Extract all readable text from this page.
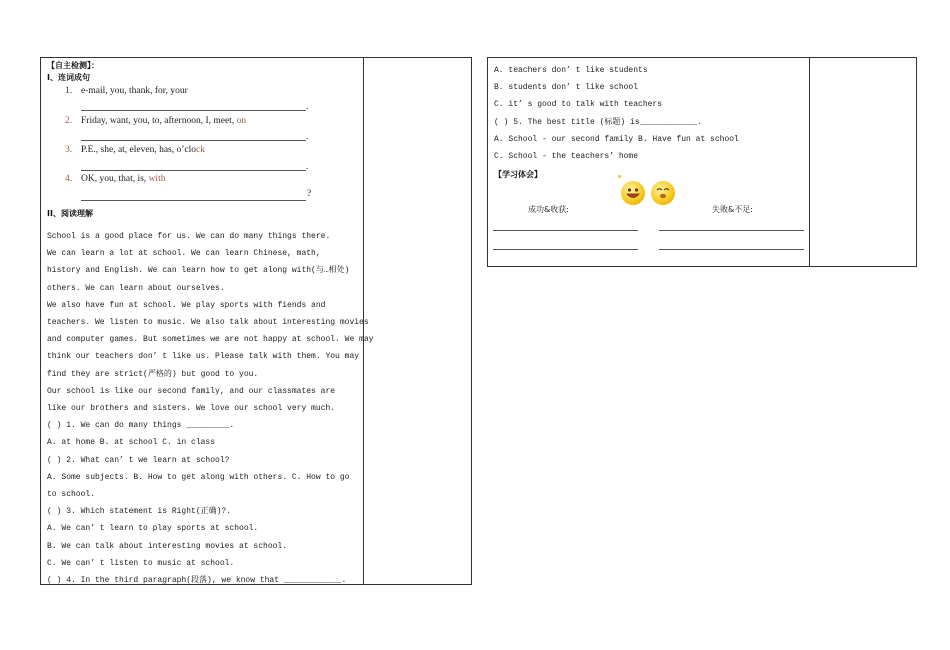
【自主检测】：
I、连词成句
1. e-mail, you, thank, for, your
.
2. Friday, want, you, to, afternoon, I, meet, on
.
3. P.E., she, at, eleven, has, o’clock
.
4. OK, you, that, is, with
?
II、阅读理解
School is a good place for us. We can do many things there.
We can learn a lot at school. We can learn Chinese, math,
history and English. We can learn how to get along with(与…相处)
others. We can learn about ourselves.
We also have fun at school. We play sports with fiends and
teachers. We listen to music. We also talk about interesting movies
and computer games. But sometimes we are not happy at school. We may
think our teachers don’ t like us. Please talk with them. You may
find they are strict(严格的) but good to you.
Our school is like our second family, and our classmates are
like our brothers and sisters. We love our school very much.
( ) 1. We can do many things _________.
A. at home B. at school C. in class
( ) 2. What can’ t we learn at school?
A. Some subjects. B. How to get along with others. C. How to go
to school.
( ) 3. Which statement is Right(正确)?.
A. We can’ t learn to play sports at school.
B. We can talk about interesting movies at school.
C. We can’ t listen to music at school.
( ) 4. In the third paragraph(段落), we know that ____________.
A. teachers don’ t like students
B. students don’ t like school
C. it’ s good to talk with teachers
( ) 5. The best title (标题) is____________.
A. School - our second family B. Have fun at school
C. School - the teachers’ home
【学习体会】
成功&收获:	失败&不足:
